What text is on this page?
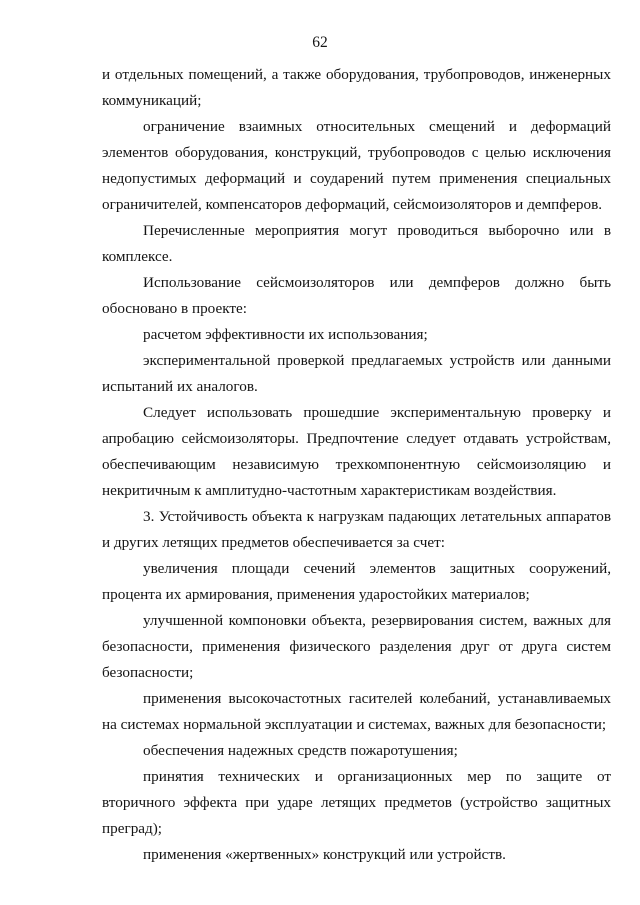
62

и отдельных помещений, а также оборудования, трубопроводов, инженерных коммуникаций;

ограничение взаимных относительных смещений и деформаций элементов оборудования, конструкций, трубопроводов с целью исключения недопустимых деформаций и соударений путем применения специальных ограничителей, компенсаторов деформаций, сейсмоизоляторов и демпферов.

Перечисленные мероприятия могут проводиться выборочно или в комплексе.

Использование сейсмоизоляторов или демпферов должно быть обосновано в проекте:

расчетом эффективности их использования;

экспериментальной проверкой предлагаемых устройств или данными испытаний их аналогов.

Следует использовать прошедшие экспериментальную проверку и апробацию сейсмоизоляторы. Предпочтение следует отдавать устройствам, обеспечивающим независимую трехкомпонентную сейсмоизоляцию и некритичным к амплитудно-частотным характеристикам воздействия.

3. Устойчивость объекта к нагрузкам падающих летательных аппаратов и других летящих предметов обеспечивается за счет:

увеличения площади сечений элементов защитных сооружений, процента их армирования, применения ударостойких материалов;

улучшенной компоновки объекта, резервирования систем, важных для безопасности, применения физического разделения друг от друга систем безопасности;

применения высокочастотных гасителей колебаний, устанавливаемых на системах нормальной эксплуатации и системах, важных для безопасности;

обеспечения надежных средств пожаротушения;

принятия технических и организационных мер по защите от вторичного эффекта при ударе летящих предметов (устройство защитных преград);

применения «жертвенных» конструкций или устройств.
